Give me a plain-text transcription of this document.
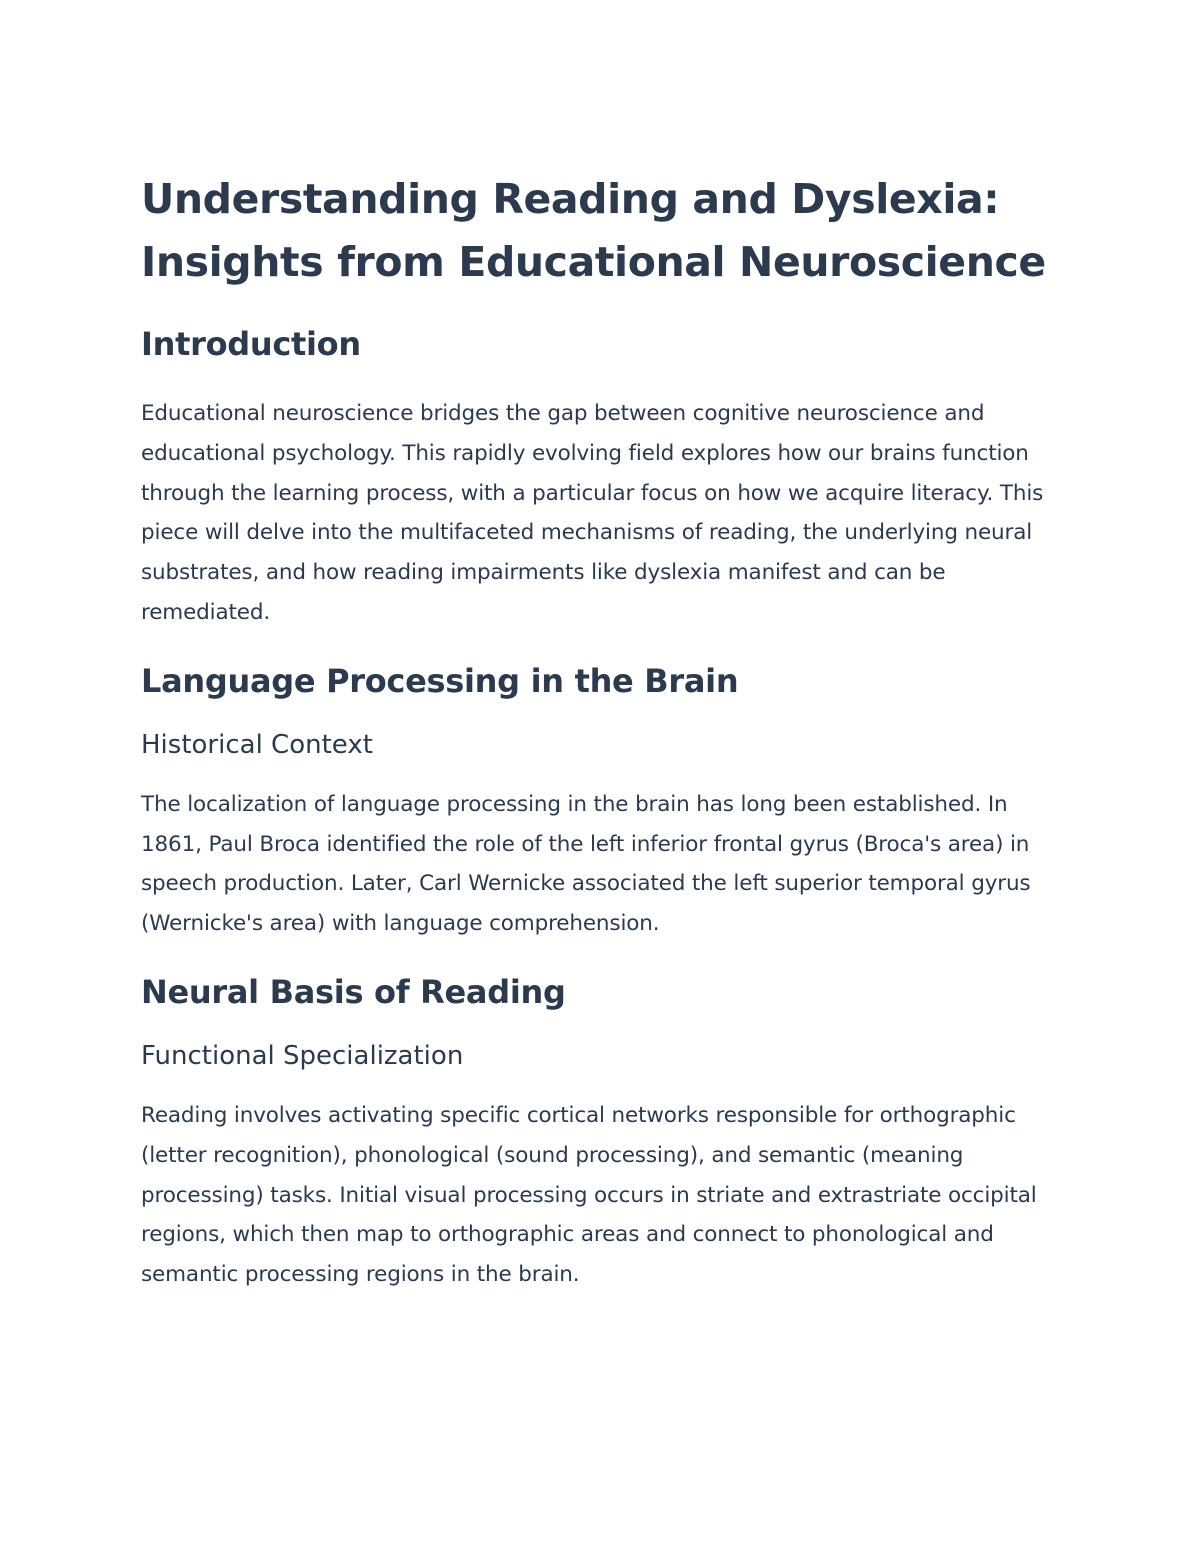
Understanding Reading and Dyslexia: Insights from Educational Neuroscience
Introduction

Educational neuroscience bridges the gap between cognitive neuroscience and educational psychology. This rapidly evolving field explores how our brains function through the learning process, with a particular focus on how we acquire literacy. This piece will delve into the multifaceted mechanisms of reading, the underlying neural substrates, and how reading impairments like dyslexia manifest and can be remediated.

Language Processing in the Brain
Historical Context

The localization of language processing in the brain has long been established. In 1861, Paul Broca identified the role of the left inferior frontal gyrus (Broca's area) in speech production. Later, Carl Wernicke associated the left superior temporal gyrus (Wernicke's area) with language comprehension.

Neural Basis of Reading
Functional Specialization

Reading involves activating specific cortical networks responsible for orthographic (letter recognition), phonological (sound processing), and semantic (meaning processing) tasks. Initial visual processing occurs in striate and extrastriate occipital regions, which then map to orthographic areas and connect to phonological and semantic processing regions in the brain.
